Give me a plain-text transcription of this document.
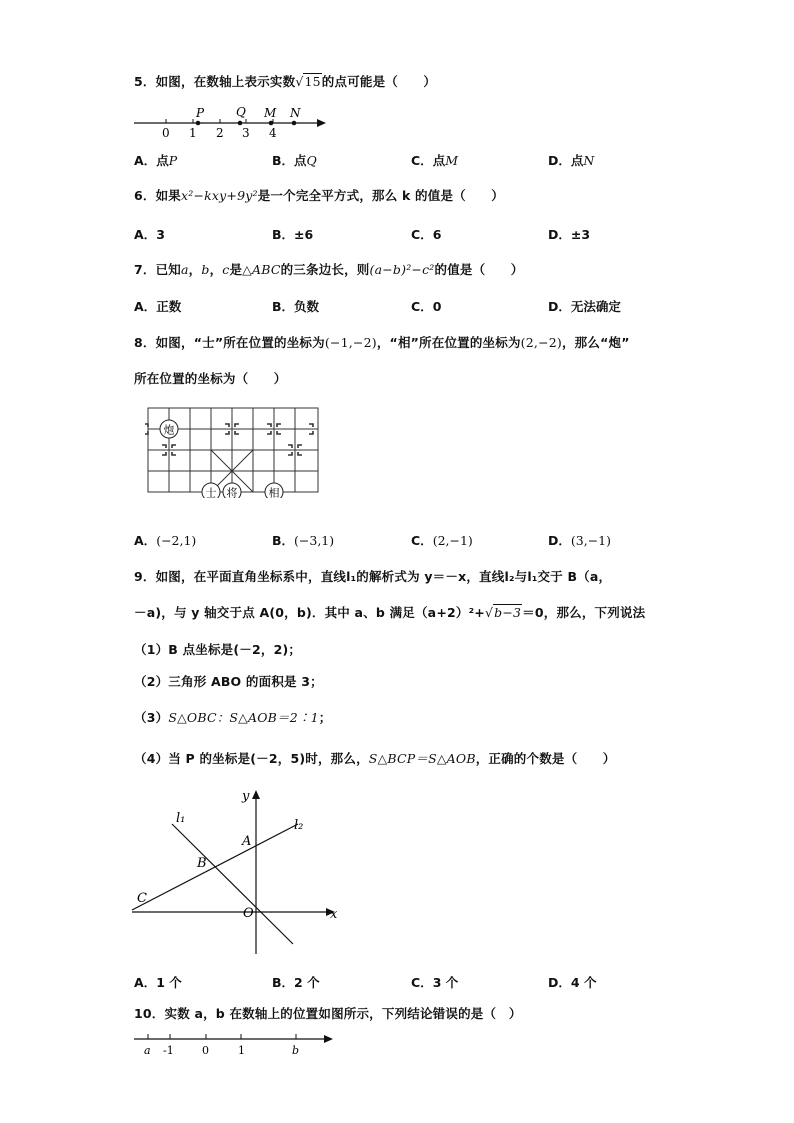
5．如图，在数轴上表示实数√15的点可能是（　　）
0 1 2 3 4
P	Q M N
A．点P	B．点Q	C．点M	D．点N
6．如果x²−kxy+9y²是一个完全平方式，那么 k 的值是（　　）
A．3	B．±6	C．6	D．±3
7．已知a，b，c是△ABC的三条边长，则(a−b)²−c²的值是（　　）
A．正数	B．负数	C．0	D．无法确定
8．如图，“士”所在位置的坐标为(−1,−2)，“相”所在位置的坐标为(2,−2)，那么“炮”
所在位置的坐标为（　　）
炮
士 将	相
A．(−2,1)	B．(−3,1)	C．(2,−1)	D．(3,−1)
9．如图，在平面直角坐标系中，直线l₁的解析式为 y＝－x，直线l₂与l₁交于 B（a，
－a)，与 y 轴交于点 A(0，b)．其中 a、b 满足（a+2）²+√b−3＝0，那么，下列说法
（1）B 点坐标是(－2，2)；
（2）三角形 ABO 的面积是 3；
（3）S△OBC：S△AOB＝2∶1；
（4）当 P 的坐标是(－2，5)时，那么，S△BCP＝S△AOB，正确的个数是（　　）
y
x
l₁	l₂
A
B
C
O
A．1 个	B．2 个	C．3 个	D．4 个
10．实数 a，b 在数轴上的位置如图所示，下列结论错误的是（　）
a -1	0	1	b
